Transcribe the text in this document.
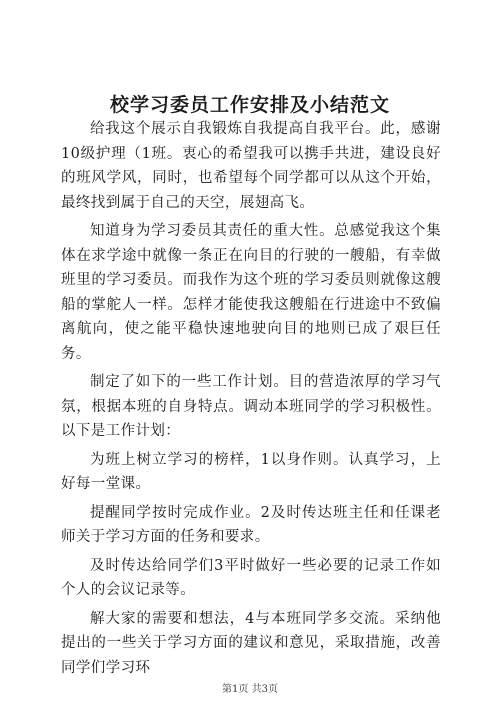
校学习委员工作安排及小结范文

给我这个展示自我锻炼自我提高自我平台。此，感谢10级护理（1班。衷心的希望我可以携手共进，建设良好的班风学风，同时，也希望每个同学都可以从这个开始，最终找到属于自己的天空，展翅高飞。

知道身为学习委员其责任的重大性。总感觉我这个集体在求学途中就像一条正在向目的行驶的一艘船，有幸做班里的学习委员。而我作为这个班的学习委员则就像这艘船的掌舵人一样。怎样才能使我这艘船在行进途中不致偏离航向，使之能平稳快速地驶向目的地则已成了艰巨任务。

制定了如下的一些工作计划。目的营造浓厚的学习气氛，根据本班的自身特点。调动本班同学的学习积极性。以下是工作计划：

为班上树立学习的榜样，1以身作则。认真学习，上好每一堂课。

提醒同学按时完成作业。2及时传达班主任和任课老师关于学习方面的任务和要求。

及时传达给同学们3平时做好一些必要的记录工作如个人的会议记录等。

解大家的需要和想法，4与本班同学多交流。采纳他提出的一些关于学习方面的建议和意见，采取措施，改善同学们学习环

第1页 共3页
